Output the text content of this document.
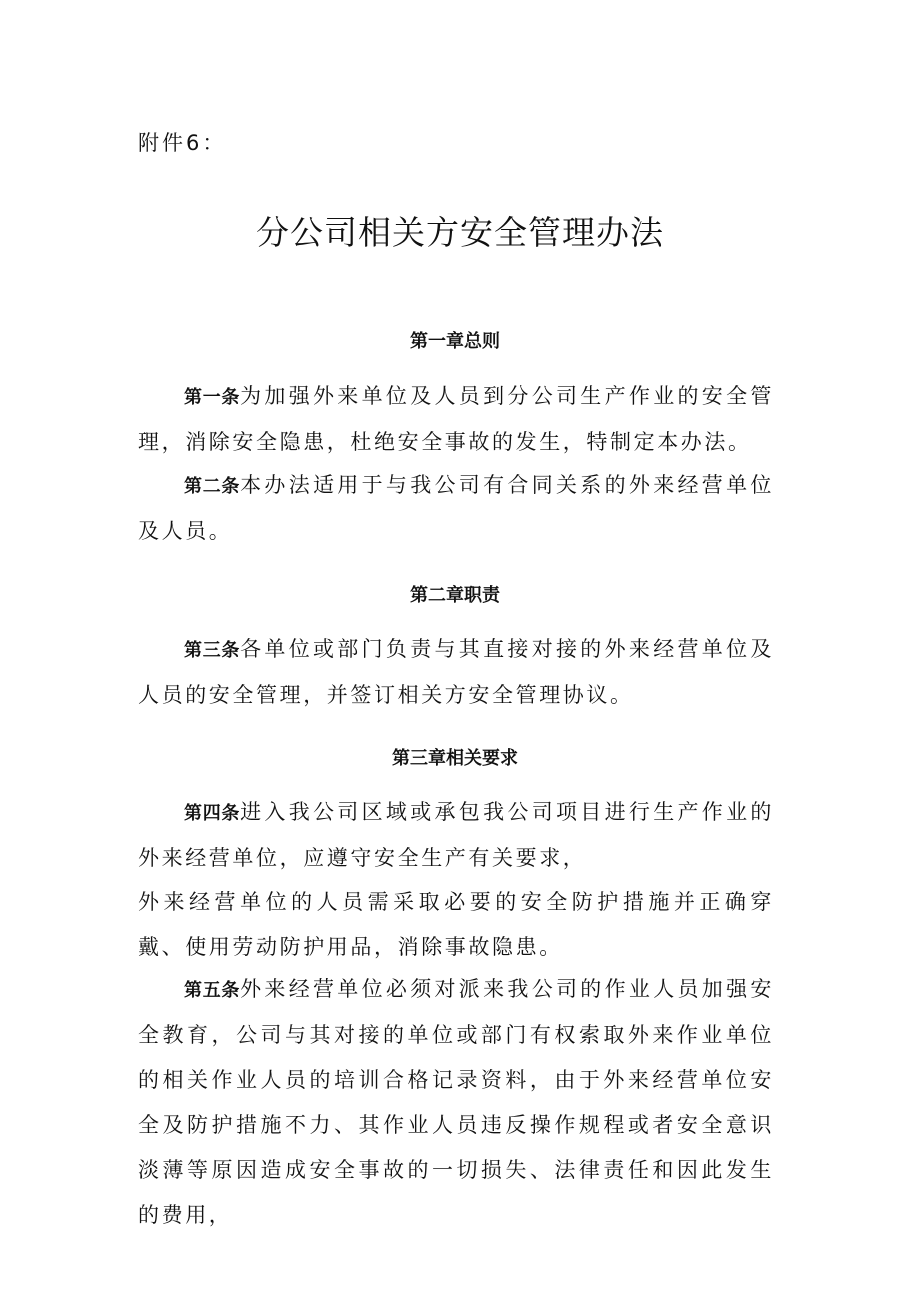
附件6：
分公司相关方安全管理办法
第一章总则
第一条为加强外来单位及人员到分公司生产作业的安全管理，消除安全隐患，杜绝安全事故的发生，特制定本办法。
第二条本办法适用于与我公司有合同关系的外来经营单位及人员。
第二章职责
第三条各单位或部门负责与其直接对接的外来经营单位及人员的安全管理，并签订相关方安全管理协议。
第三章相关要求
第四条进入我公司区域或承包我公司项目进行生产作业的外来经营单位，应遵守安全生产有关要求，
外来经营单位的人员需采取必要的安全防护措施并正确穿戴、使用劳动防护用品，消除事故隐患。
第五条外来经营单位必须对派来我公司的作业人员加强安全教育，公司与其对接的单位或部门有权索取外来作业单位的相关作业人员的培训合格记录资料，由于外来经营单位安全及防护措施不力、其作业人员违反操作规程或者安全意识淡薄等原因造成安全事故的一切损失、法律责任和因此发生的费用，
